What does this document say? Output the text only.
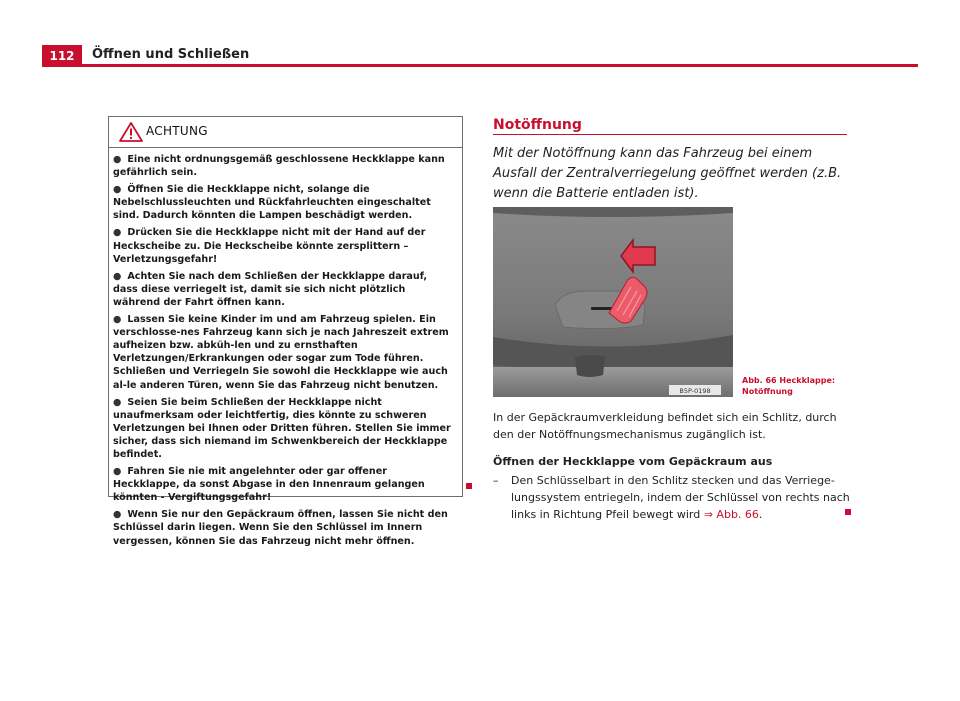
112	Öffnen und Schließen
ACHTUNG
● Eine nicht ordnungsgemäß geschlossene Heckklappe kann gefährlich sein.
● Öffnen Sie die Heckklappe nicht, solange die Nebelschlussleuchten und Rückfahrleuchten eingeschaltet sind. Dadurch könnten die Lampen beschädigt werden.
● Drücken Sie die Heckklappe nicht mit der Hand auf der Heckscheibe zu. Die Heckscheibe könnte zersplittern – Verletzungsgefahr!
● Achten Sie nach dem Schließen der Heckklappe darauf, dass diese verriegelt ist, damit sie sich nicht plötzlich während der Fahrt öffnen kann.
● Lassen Sie keine Kinder im und am Fahrzeug spielen. Ein verschlosse-nes Fahrzeug kann sich je nach Jahreszeit extrem aufheizen bzw. abküh-len und zu ernsthaften Verletzungen/Erkrankungen oder sogar zum Tode führen. Schließen und Verriegeln Sie sowohl die Heckklappe wie auch al-le anderen Türen, wenn Sie das Fahrzeug nicht benutzen.
● Seien Sie beim Schließen der Heckklappe nicht unaufmerksam oder leichtfertig, dies könnte zu schweren Verletzungen bei Ihnen oder Dritten führen. Stellen Sie immer sicher, dass sich niemand im Schwenkbereich der Heckklappe befindet.
● Fahren Sie nie mit angelehnter oder gar offener Heckklappe, da sonst Abgase in den Innenraum gelangen könnten - Vergiftungsgefahr!
● Wenn Sie nur den Gepäckraum öffnen, lassen Sie nicht den Schlüssel darin liegen. Wenn Sie den Schlüssel im Innern vergessen, können Sie das Fahrzeug nicht mehr öffnen.
Notöffnung

Mit der Notöffnung kann das Fahrzeug bei einem Ausfall der Zentralverriegelung geöffnet werden (z.B. wenn die Batterie entladen ist).

B5P-0198
Abb. 66 Heckklappe:
Notöffnung

In der Gepäckraumverkleidung befindet sich ein Schlitz, durch den der Notöffnungsmechanismus zugänglich ist.

Öffnen der Heckklappe vom Gepäckraum aus
– Den Schlüsselbart in den Schlitz stecken und das Verriege-lungssystem entriegeln, indem der Schlüssel von rechts nach links in Richtung Pfeil bewegt wird ⇒ Abb. 66.
